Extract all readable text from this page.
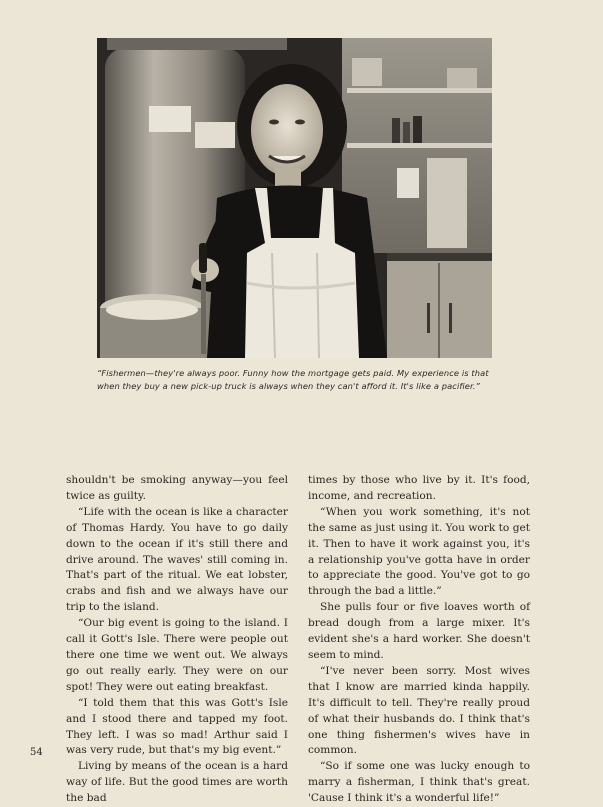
“Fishermen—they're always poor. Funny how the mortgage gets paid. My experience is that when they buy a new pick-up truck is always when they can't afford it. It's like a pacifier.”

shouldn't be smoking anyway—you feel twice as guilty.

“Life with the ocean is like a character of Thomas Hardy. You have to go daily down to the ocean if it's still there and drive around. The waves' still coming in. That's part of the ritual. We eat lobster, crabs and fish and we always have our trip to the island.

“Our big event is going to the island. I call it Gott's Isle. There were people out there one time we went out. We always go out really early. They were on our spot! They were out eating breakfast.

“I told them that this was Gott's Isle and I stood there and tapped my foot. They left. I was so mad! Arthur said I was very rude, but that's my big event.”

Living by means of the ocean is a hard way of life. But the good times are worth the bad

times by those who live by it. It's food, income, and recreation.

“When you work something, it's not the same as just using it. You work to get it. Then to have it work against you, it's a relationship you've gotta have in order to appreciate the good. You've got to go through the bad a little.”

She pulls four or five loaves worth of bread dough from a large mixer. It's evident she's a hard worker. She doesn't seem to mind.

“I've never been sorry. Most wives that I know are married kinda happily. It's difficult to tell. They're really proud of what their husbands do. I think that's one thing fishermen's wives have in common.

“So if some one was lucky enough to marry a fisherman, I think that's great. 'Cause I think it's a wonderful life!”

54
